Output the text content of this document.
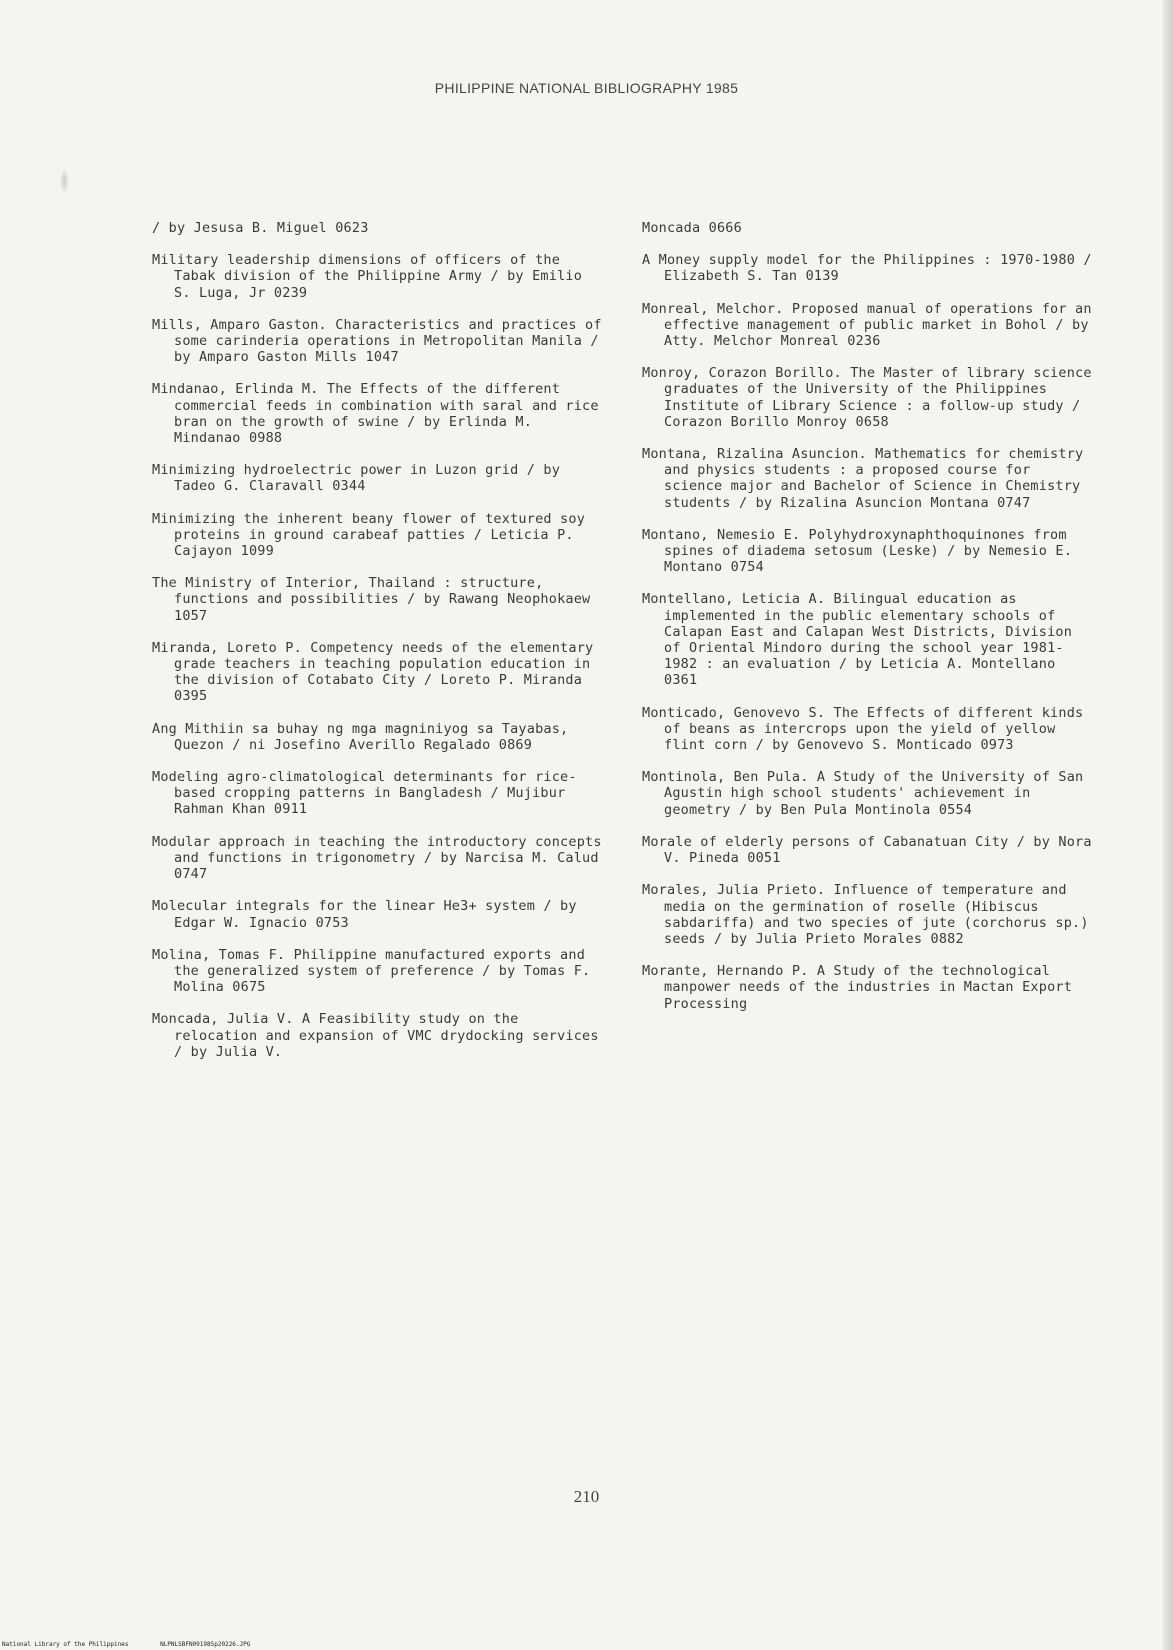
PHILIPPINE NATIONAL BIBLIOGRAPHY 1985
/ by Jesusa B. Miguel 0623
Military leadership dimensions of officers of the Tabak division of the Philippine Army / by Emilio S. Luga, Jr 0239
Mills, Amparo Gaston. Characteristics and practices of some carinderia operations in Metropolitan Manila / by Amparo Gaston Mills 1047
Mindanao, Erlinda M. The Effects of the different commercial feeds in combination with saral and rice bran on the growth of swine / by Erlinda M. Mindanao 0988
Minimizing hydroelectric power in Luzon grid / by Tadeo G. Claravall 0344
Minimizing the inherent beany flower of textured soy proteins in ground carabeaf patties / Leticia P. Cajayon 1099
The Ministry of Interior, Thailand : structure, functions and possibilities / by Rawang Neophokaew 1057
Miranda, Loreto P. Competency needs of the elementary grade teachers in teaching population education in the division of Cotabato City / Loreto P. Miranda 0395
Ang Mithiin sa buhay ng mga magniniyog sa Tayabas, Quezon / ni Josefino Averillo Regalado 0869
Modeling agro-climatological determinants for rice-based cropping patterns in Bangladesh / Mujibur Rahman Khan 0911
Modular approach in teaching the introductory concepts and functions in trigonometry / by Narcisa M. Calud 0747
Molecular integrals for the linear He3+ system / by Edgar W. Ignacio 0753
Molina, Tomas F. Philippine manufactured exports and the generalized system of preference / by Tomas F. Molina 0675
Moncada, Julia V. A Feasibility study on the relocation and expansion of VMC drydocking services / by Julia V.
Moncada 0666
A Money supply model for the Philippines : 1970-1980 / Elizabeth S. Tan 0139
Monreal, Melchor. Proposed manual of operations for an effective management of public market in Bohol / by Atty. Melchor Monreal 0236
Monroy, Corazon Borillo. The Master of library science graduates of the University of the Philippines Institute of Library Science : a follow-up study / Corazon Borillo Monroy 0658
Montana, Rizalina Asuncion. Mathematics for chemistry and physics students : a proposed course for science major and Bachelor of Science in Chemistry students / by Rizalina Asuncion Montana 0747
Montano, Nemesio E. Polyhydroxynaphthoquinones from spines of diadema setosum (Leske) / by Nemesio E. Montano 0754
Montellano, Leticia A. Bilingual education as implemented in the public elementary schools of Calapan East and Calapan West Districts, Division of Oriental Mindoro during the school year 1981-1982 : an evaluation / by Leticia A. Montellano 0361
Monticado, Genovevo S. The Effects of different kinds of beans as intercrops upon the yield of yellow flint corn / by Genovevo S. Monticado 0973
Montinola, Ben Pula. A Study of the University of San Agustin high school students' achievement in geometry / by Ben Pula Montinola 0554
Morale of elderly persons of Cabanatuan City / by Nora V. Pineda 0051
Morales, Julia Prieto. Influence of temperature and media on the germination of roselle (Hibiscus sabdariffa) and two species of jute (corchorus sp.) seeds / by Julia Prieto Morales 0882
Morante, Hernando P. A Study of the technological manpower needs of the industries in Mactan Export Processing
210
National Library of the Philippines	NLPNLSBFN091985p20226.JPG
